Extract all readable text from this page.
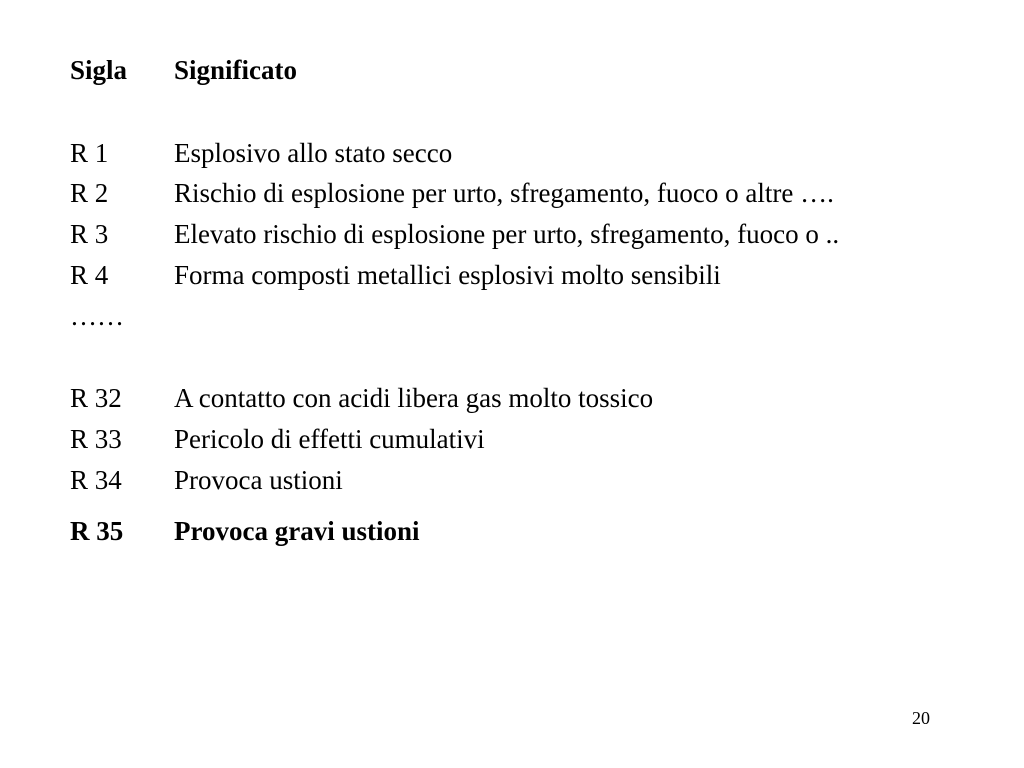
Sigla Significato
R 1 Esplosivo allo stato secco
R 2 Rischio di esplosione per urto, sfregamento, fuoco o altre ….
R 3 Elevato rischio di esplosione per urto, sfregamento, fuoco o ..
R 4 Forma composti metallici esplosivi molto sensibili
……
R 32 A contatto con acidi libera gas molto tossico
R 33 Pericolo di effetti cumulativi
R 34 Provoca ustioni
R 35 Provoca gravi ustioni
20
